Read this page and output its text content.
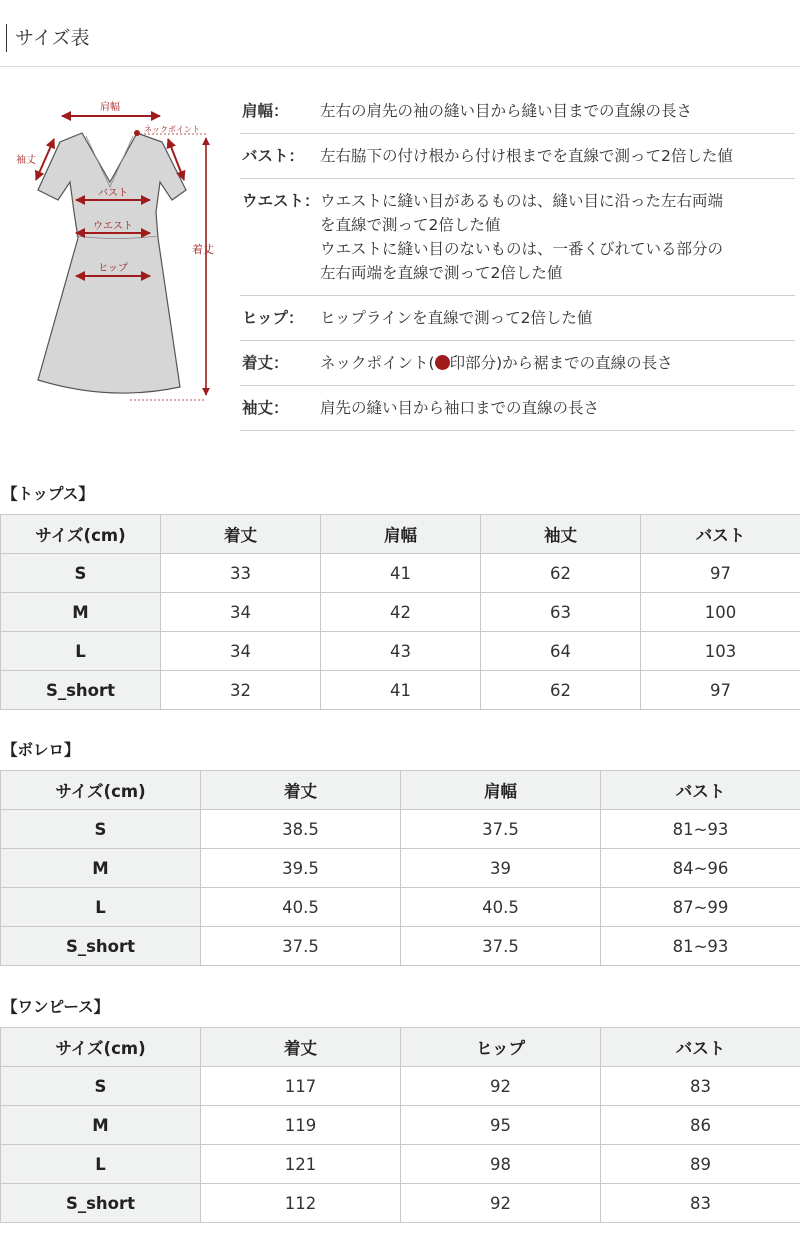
サイズ表
肩幅
ネックポイント
袖丈
バスト
ウエスト
ヒップ
着丈
肩幅：	左右の肩先の袖の縫い目から縫い目までの直線の長さ
バスト：	左右脇下の付け根から付け根までを直線で測って2倍した値
ウエスト： ウエストに縫い目があるものは、縫い目に沿った左右両端
を直線で測って2倍した値
ウエストに縫い目のないものは、一番くびれている部分の
左右両端を直線で測って2倍した値
ヒップ：	ヒップラインを直線で測って2倍した値
着丈：	ネックポイント( 印部分)から裾までの直線の長さ
袖丈：	肩先の縫い目から袖口までの直線の長さ
【トップス】
サイズ(cm)	着丈	肩幅	袖丈	バスト
S	33	41	62	97
M	34	42	63	100
L	34	43	64	103
S_short	32	41	62	97
【ボレロ】
サイズ(cm)	着丈	肩幅	バスト
S	38.5	37.5	81~93
M	39.5	39	84~96
L	40.5	40.5	87~99
S_short	37.5	37.5	81~93
【ワンピース】
サイズ(cm)	着丈	ヒップ	バスト
S	117	92	83
M	119	95	86
L	121	98	89
S_short	112	92	83
